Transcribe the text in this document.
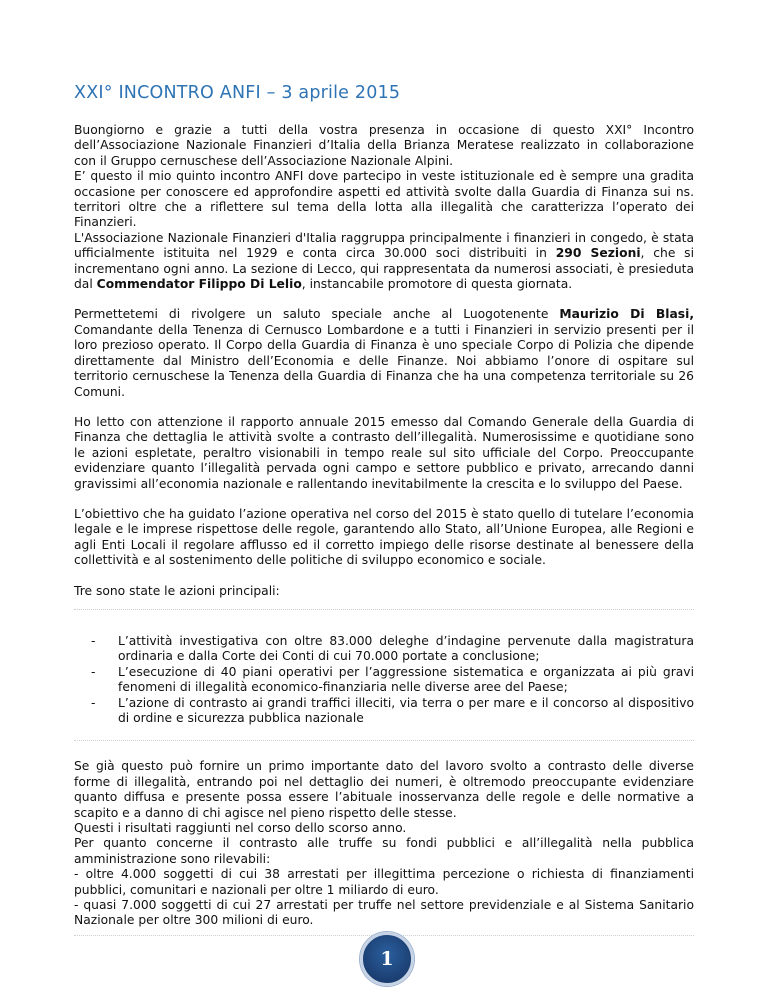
XXI° INCONTRO ANFI – 3 aprile 2015

Buongiorno e grazie a tutti della vostra presenza in occasione di questo XXI° Incontro dell’Associazione Nazionale Finanzieri d’Italia della Brianza Meratese realizzato in collaborazione con il Gruppo cernuschese dell’Associazione Nazionale Alpini.

E’ questo il mio quinto incontro ANFI dove partecipo in veste istituzionale ed è sempre una gradita occasione per conoscere ed approfondire aspetti ed attività svolte dalla Guardia di Finanza sui ns. territori oltre che a riflettere sul tema della lotta alla illegalità che caratterizza l’operato dei Finanzieri.

L'Associazione Nazionale Finanzieri d'Italia raggruppa principalmente i finanzieri in congedo, è stata ufficialmente istituita nel 1929 e conta circa 30.000 soci distribuiti in 290 Sezioni, che si incrementano ogni anno. La sezione di Lecco, qui rappresentata da numerosi associati, è presieduta dal Commendator Filippo Di Lelio, instancabile promotore di questa giornata.

Permettetemi di rivolgere un saluto speciale anche al Luogotenente Maurizio Di Blasi, Comandante della Tenenza di Cernusco Lombardone e a tutti i Finanzieri in servizio presenti per il loro prezioso operato. Il Corpo della Guardia di Finanza è uno speciale Corpo di Polizia che dipende direttamente dal Ministro dell’Economia e delle Finanze. Noi abbiamo l’onore di ospitare sul territorio cernuschese la Tenenza della Guardia di Finanza che ha una competenza territoriale su 26 Comuni.

Ho letto con attenzione il rapporto annuale 2015 emesso dal Comando Generale della Guardia di Finanza che dettaglia le attività svolte a contrasto dell’illegalità. Numerosissime e quotidiane sono le azioni espletate, peraltro visionabili in tempo reale sul sito ufficiale del Corpo. Preoccupante evidenziare quanto l’illegalità pervada ogni campo e settore pubblico e privato, arrecando danni gravissimi all’economia nazionale e rallentando inevitabilmente la crescita e lo sviluppo del Paese.

L’obiettivo che ha guidato l’azione operativa nel corso del 2015 è stato quello di tutelare l’economia legale e le imprese rispettose delle regole, garantendo allo Stato, all’Unione Europea, alle Regioni e agli Enti Locali il regolare afflusso ed il corretto impiego delle risorse destinate al benessere della collettività e al sostenimento delle politiche di sviluppo economico e sociale.

Tre sono state le azioni principali:

- L’attività investigativa con oltre 83.000 deleghe d’indagine pervenute dalla magistratura ordinaria e dalla Corte dei Conti di cui 70.000 portate a conclusione;
- L’esecuzione di 40 piani operativi per l’aggressione sistematica e organizzata ai più gravi fenomeni di illegalità economico-finanziaria nelle diverse aree del Paese;
- L’azione di contrasto ai grandi traffici illeciti, via terra o per mare e il concorso al dispositivo di ordine e sicurezza pubblica nazionale

Se già questo può fornire un primo importante dato del lavoro svolto a contrasto delle diverse forme di illegalità, entrando poi nel dettaglio dei numeri, è oltremodo preoccupante evidenziare quanto diffusa e presente possa essere l’abituale inosservanza delle regole e delle normative a scapito e a danno di chi agisce nel pieno rispetto delle stesse.

Questi i risultati raggiunti nel corso dello scorso anno.

Per quanto concerne il contrasto alle truffe su fondi pubblici e all’illegalità nella pubblica amministrazione sono rilevabili:

- oltre 4.000 soggetti di cui 38 arrestati per illegittima percezione o richiesta di finanziamenti pubblici, comunitari e nazionali per oltre 1 miliardo di euro.

- quasi 7.000 soggetti di cui 27 arrestati per truffe nel settore previdenziale e al Sistema Sanitario Nazionale per oltre 300 milioni di euro.

1
